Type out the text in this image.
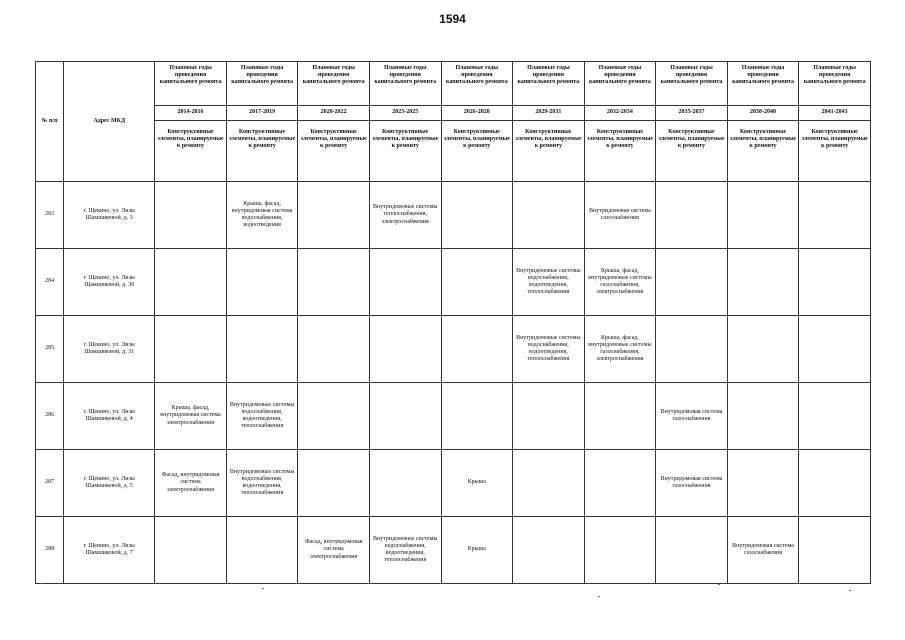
1594
№ п/п	Адрес МКД	Плановые годы проведения капитального ремонта	Плановые годы проведения капитального ремонта	Плановые годы проведения капитального ремонта	Плановые годы проведения капитального ремонта	Плановые годы проведения капитального ремонта	Плановые годы проведения капитального ремонта	Плановые годы проведения капитального ремонта	Плановые годы проведения капитального ремонта	Плановые годы проведения капитального ремонта	Плановые годы проведения капитального ремонта
		2014-2016	2017-2019	2020-2022	2023-2025	2026-2028	2029-2031	2032-2034	2035-2037	2038-2040	2041-2043
		Конструктивные элементы, планируемые к ремонту	Конструктивные элементы, планируемые к ремонту	Конструктивные элементы, планируемые к ремонту	Конструктивные элементы, планируемые к ремонту	Конструктивные элементы, планируемые к ремонту	Конструктивные элементы, планируемые к ремонту	Конструктивные элементы, планируемые к ремонту	Конструктивные элементы, планируемые к ремонту	Конструктивные элементы, планируемые к ремонту	Конструктивные элементы, планируемые к ремонту
283	г. Щекино, ул. Лизы Шамшиковой, д. 3		Крыша, фасад, внутридомовая система водоснабжения, водоотведения		Внутридомовые системы теплоснабжения, электроснабжения			Внутридомовая система газоснабжения			
284	г. Щекино, ул. Лизы Шамшиковой, д. 30						Внутридомовые системы водоснабжения, водоотведения, теплоснабжения	Крыша, фасад, внутридомовые системы газоснабжения, электроснабжения			
285	г. Щекино, ул. Лизы Шамшиковой, д. 31						Внутридомовые системы водоснабжения, водоотведения, теплоснабжения	Крыша, фасад, внутридомовые системы газоснабжения, электроснабжения			
286	г. Щекино, ул. Лизы Шамшиковой, д. 4	Крыша, фасад, внутридомовая система электроснабжения	Внутридомовые системы водоснабжения, водоотведения, теплоснабжения						Внутридомовая система газоснабжения		
287	г. Щекино, ул. Лизы Шамшиковой, д. 5	Фасад, внутридомовая система электроснабжения	Внутридомовые системы водоснабжения, водоотведения, теплоснабжения			Крыша			Внутридомовая система газоснабжения		
288	г. Щекино, ул. Лизы Шамшиковой, д. 7			Фасад, внутридомовая система электроснабжения	Внутридомовые системы водоснабжения, водоотведения, теплоснабжения	Крыша				Внутридомовая система газоснабжения	
